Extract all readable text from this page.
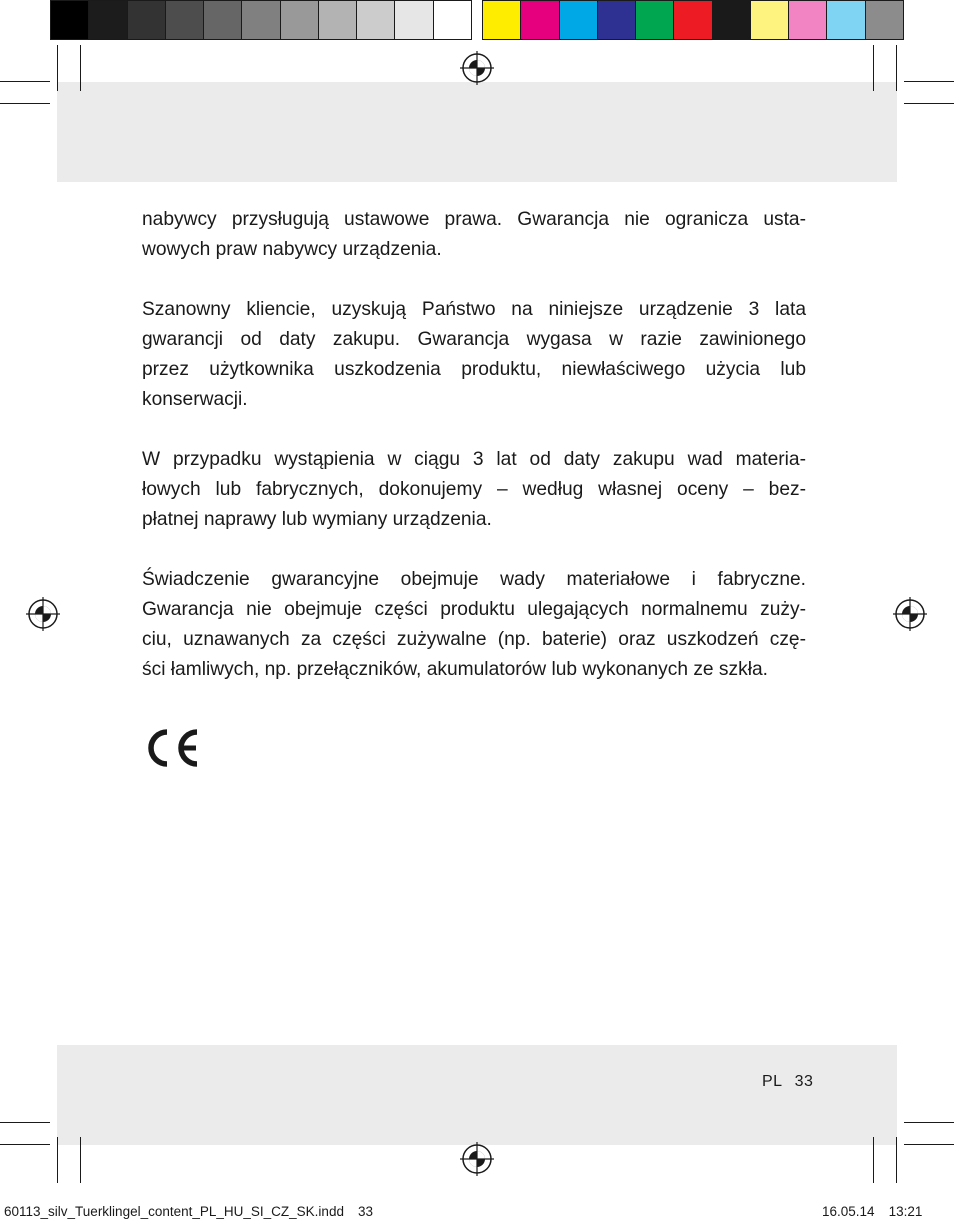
nabywcy przysługują ustawowe prawa. Gwarancja nie ogranicza usta-
wowych praw nabywcy urządzenia.

Szanowny kliencie, uzyskują Państwo na niniejsze urządzenie 3 lata
gwarancji od daty zakupu. Gwarancja wygasa w razie zawinionego
przez użytkownika uszkodzenia produktu, niewłaściwego użycia lub
konserwacji.

W przypadku wystąpienia w ciągu 3 lat od daty zakupu wad materia-
łowych lub fabrycznych, dokonujemy – według własnej oceny – bez-
płatnej naprawy lub wymiany urządzenia.

Świadczenie gwarancyjne obejmuje wady materiałowe i fabryczne.
Gwarancja nie obejmuje części produktu ulegających normalnemu zuży-
ciu, uznawanych za części zużywalne (np. baterie) oraz uszkodzeń czę-
ści łamliwych, np. przełączników, akumulatorów lub wykonanych ze szkła.

PL 33
60113_silv_Tuerklingel_content_PL_HU_SI_CZ_SK.indd 33	16.05.14 13:21
